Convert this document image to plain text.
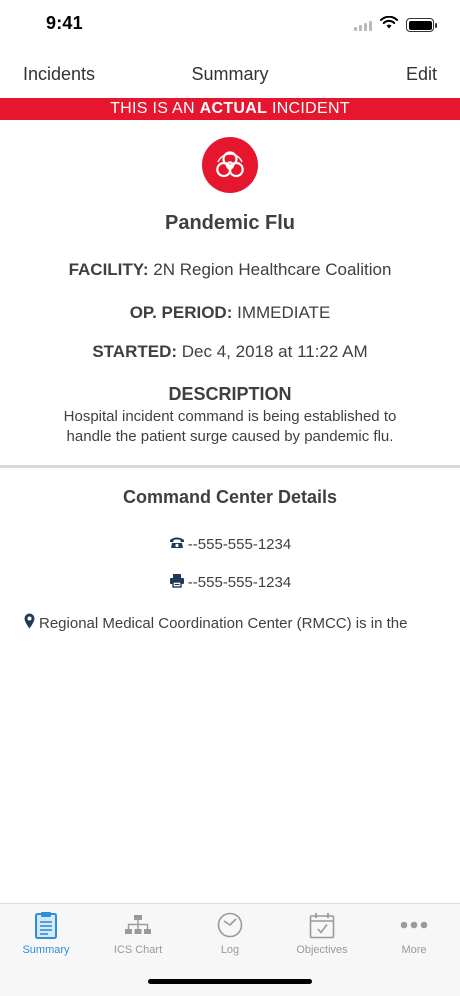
9:41
Incidents	Summary	Edit
THIS IS AN ACTUAL INCIDENT
Pandemic Flu
FACILITY: 2N Region Healthcare Coalition
OP. PERIOD: IMMEDIATE
STARTED: Dec 4, 2018 at 11:22 AM
DESCRIPTION
Hospital incident command is being established to handle the patient surge caused by pandemic flu.
Command Center Details
--555-555-1234
--555-555-1234
Regional Medical Coordination Center (RMCC) is in the
Summary	ICS Chart	Log	Objectives	More
